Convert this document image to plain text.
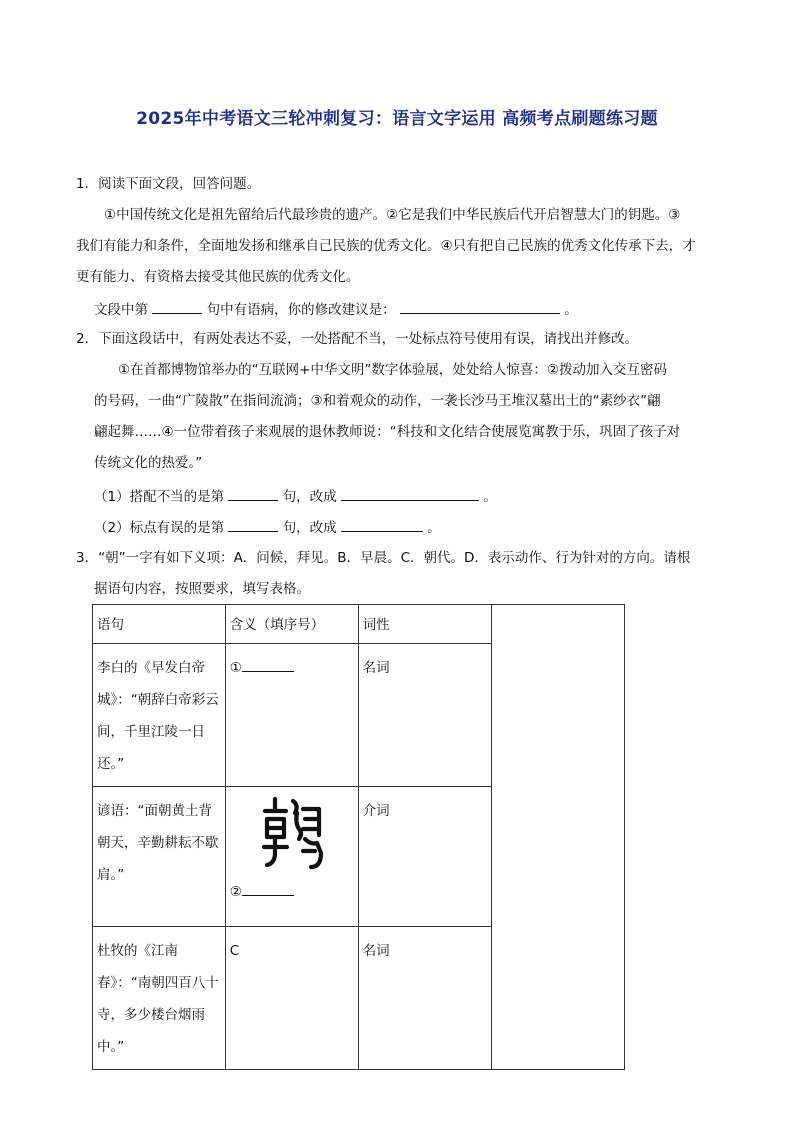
2025年中考语文三轮冲刺复习：语言文字运用 高频考点刷题练习题
1．阅读下面文段，回答问题。
①中国传统文化是祖先留给后代最珍贵的遗产。②它是我们中华民族后代开启智慧大门的钥匙。③
我们有能力和条件，全面地发扬和继承自己民族的优秀文化。④只有把自己民族的优秀文化传承下去，才
更有能力、有资格去接受其他民族的优秀文化。
文段中第	句中有语病，你的修改建议是：	。
2．下面这段话中，有两处表达不妥，一处搭配不当，一处标点符号使用有误，请找出并修改。
①在首都博物馆举办的“互联网+中华文明”数字体验展，处处给人惊喜：②拨动加入交互密码
的号码，一曲“广陵散”在指间流淌；③和着观众的动作，一袭长沙马王堆汉墓出土的“素纱衣”翩
翩起舞……④一位带着孩子来观展的退休教师说：“科技和文化结合使展览寓教于乐，巩固了孩子对
传统文化的热爱。”
（1）搭配不当的是第	句，改成	。
（2）标点有误的是第	句，改成	。
3．“朝”一字有如下义项：A．问候，拜见。B．早晨。C．朝代。D．表示动作、行为针对的方向。请根
据语句内容，按照要求，填写表格。
语句	含义（填序号）	词性	
李白的《早发白帝城》：“朝辞白帝彩云间，千里江陵一日还。”	①	名词	
谚语：“面朝黄土背朝天，辛勤耕耘不歇肩。”	②	介词	
杜牧的《江南春》：“南朝四百八十寺，多少楼台烟雨中。”	C	名词	
